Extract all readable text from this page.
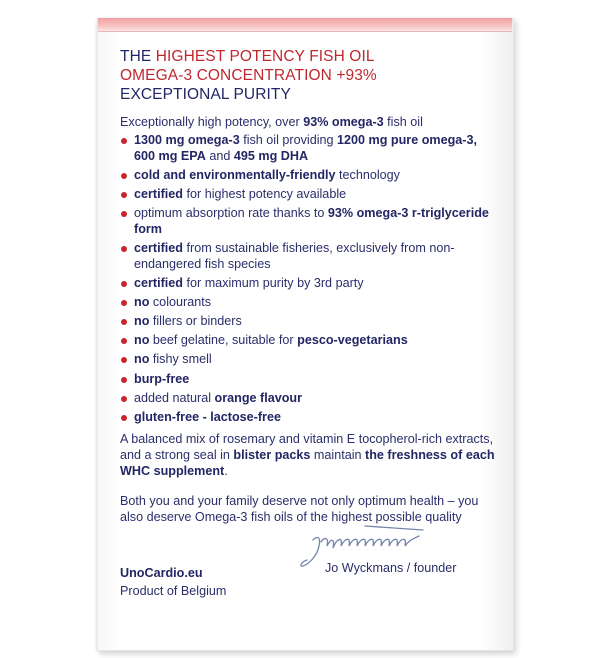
THE HIGHEST POTENCY FISH OIL
OMEGA-3 CONCENTRATION +93%
EXCEPTIONAL PURITY
Exceptionally high potency, over 93% omega-3 fish oil
1300 mg omega-3 fish oil providing 1200 mg pure omega-3, 600 mg EPA and 495 mg DHA
cold and environmentally-friendly technology
certified for highest potency available
optimum absorption rate thanks to 93% omega-3 r-triglyceride form
certified from sustainable fisheries, exclusively from non-endangered fish species
certified for maximum purity by 3rd party
no colourants
no fillers or binders
no beef gelatine, suitable for pesco-vegetarians
no fishy smell
burp-free
added natural orange flavour
gluten-free - lactose-free
A balanced mix of rosemary and vitamin E tocopherol-rich extracts, and a strong seal in blister packs maintain the freshness of each WHC supplement.
Both you and your family deserve not only optimum health – you also deserve Omega-3 fish oils of the highest possible quality
Jo Wyckmans / founder
UnoCardio.eu
Product of Belgium
